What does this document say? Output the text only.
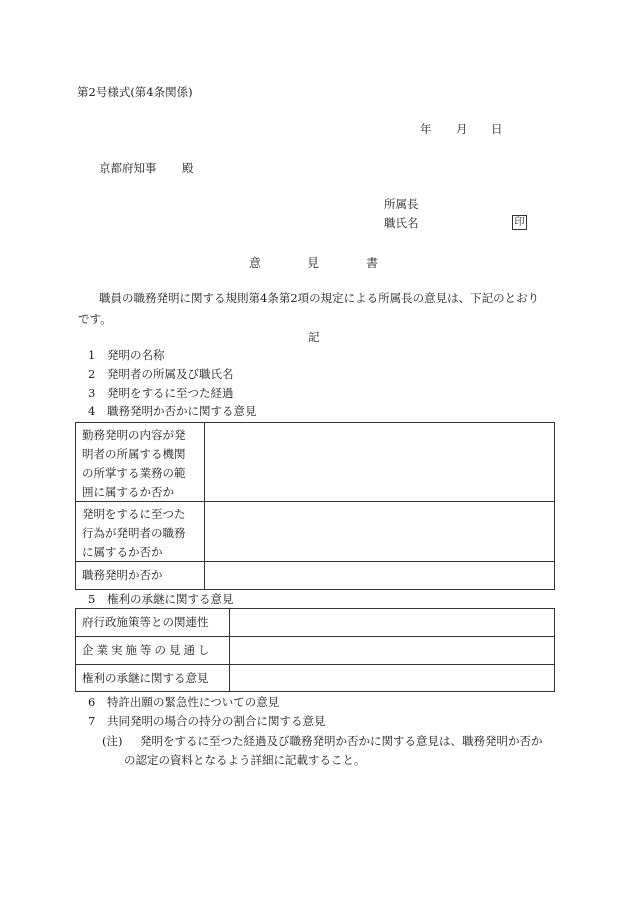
第2号様式(第4条関係)
年 月 日
京都府知事 殿
所属長
職氏名	印
意	見	書
職員の職務発明に関する規則第4条第2項の規定による所属長の意見は、下記のとおり
です。
記
1 発明の名称
2 発明者の所属及び職氏名
3 発明をするに至つた経過
4 職務発明か否かに関する意見
勤務発明の内容が発
明者の所属する機関
の所掌する業務の範
囲に属するか否か
発明をするに至つた
行為が発明者の職務
に属するか否か
職務発明か否か
5 権利の承継に関する意見
府行政施策等との関連性
企業実施等の見通し
権利の承継に関する意見
6 特許出願の緊急性についての意見
7 共同発明の場合の持分の割合に関する意見
(注) 発明をするに至つた経過及び職務発明か否かに関する意見は、職務発明か否か
の認定の資料となるよう詳細に記載すること。
